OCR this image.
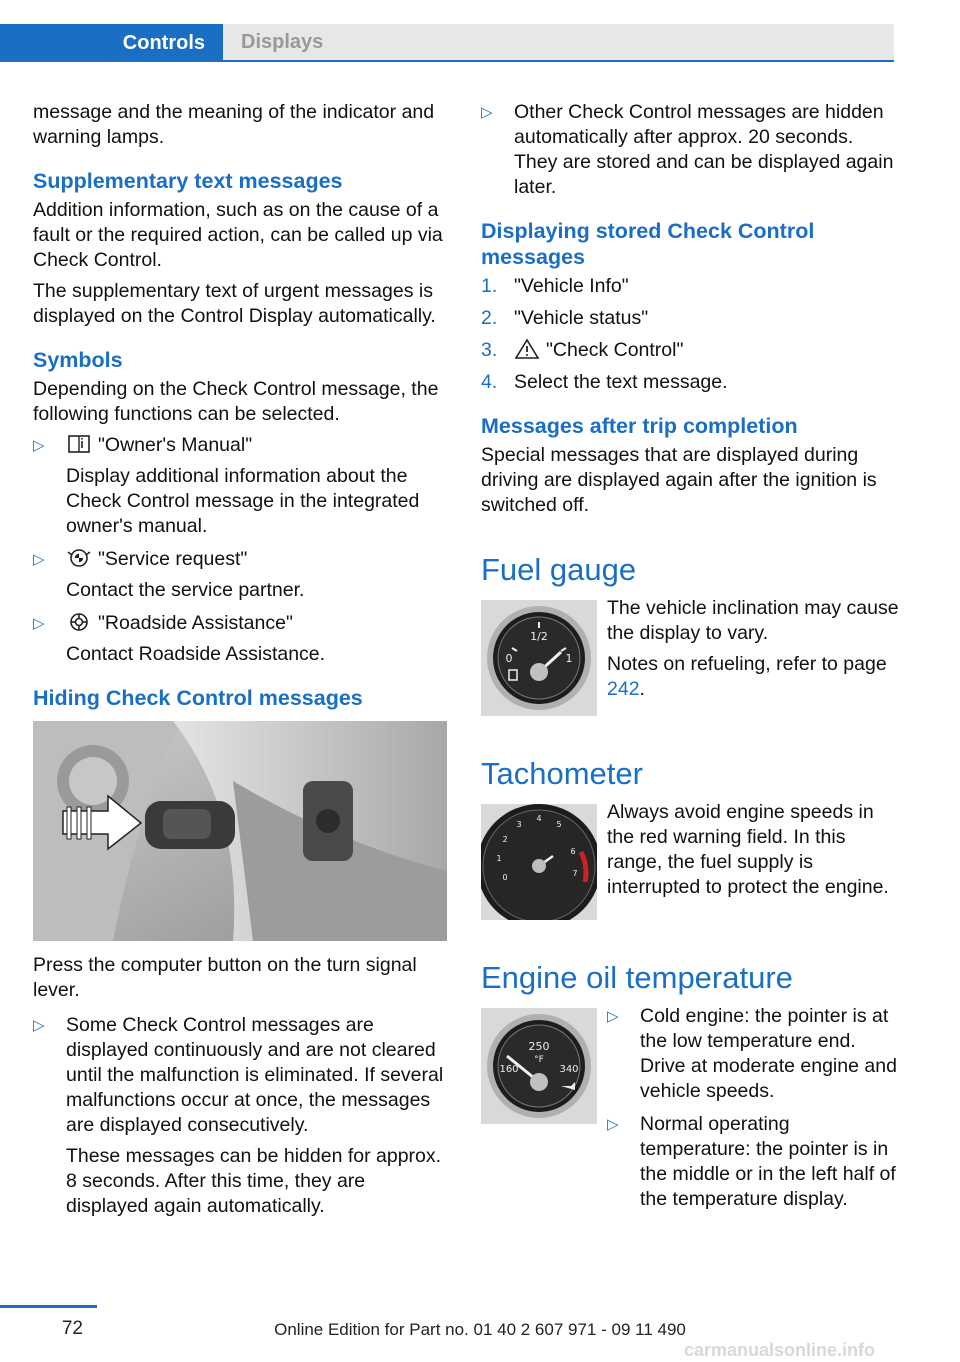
Controls	Displays

message and the meaning of the indicator and warning lamps.

Supplementary text messages

Addition information, such as on the cause of a fault or the required action, can be called up via Check Control.

The supplementary text of urgent messages is displayed on the Control Display automatically.

Symbols

Depending on the Check Control message, the following functions can be selected.

▷	"Owner's Manual"
Display additional information about the Check Control message in the integrated owner's manual.
▷	"Service request"
Contact the service partner.
▷	"Roadside Assistance"
Contact Roadside Assistance.
Hiding Check Control messages

Press the computer button on the turn signal lever.

▷ Some Check Control messages are displayed continuously and are not cleared until the malfunction is eliminated. If several malfunctions occur at once, the messages are displayed consecutively.
These messages can be hidden for approx. 8 seconds. After this time, they are displayed again automatically.
▷ Other Check Control messages are hidden automatically after approx. 20 seconds. They are stored and can be displayed again later.
Displaying stored Check Control messages
1. "Vehicle Info"
2. "Vehicle status"
3. "Check Control"
4. Select the text message.
Messages after trip completion

Special messages that are displayed during driving are displayed again after the ignition is switched off.

Fuel gauge
1/2
0	1

The vehicle inclination may cause the display to vary.

Notes on refueling, refer to page 242.

Tachometer
0
1
2
3
4
5
6
7

Always avoid engine speeds in the red warning field. In this range, the fuel supply is interrupted to protect the engine.

Engine oil temperature
250
°F
160	340
▷ Cold engine: the pointer is at the low temperature end. Drive at moderate engine and vehicle speeds.
▷ Normal operating temperature: the pointer is in the middle or in the left half of the temperature display.
72	Online Edition for Part no. 01 40 2 607 971 - 09 11 490
carmanualsonline.info
